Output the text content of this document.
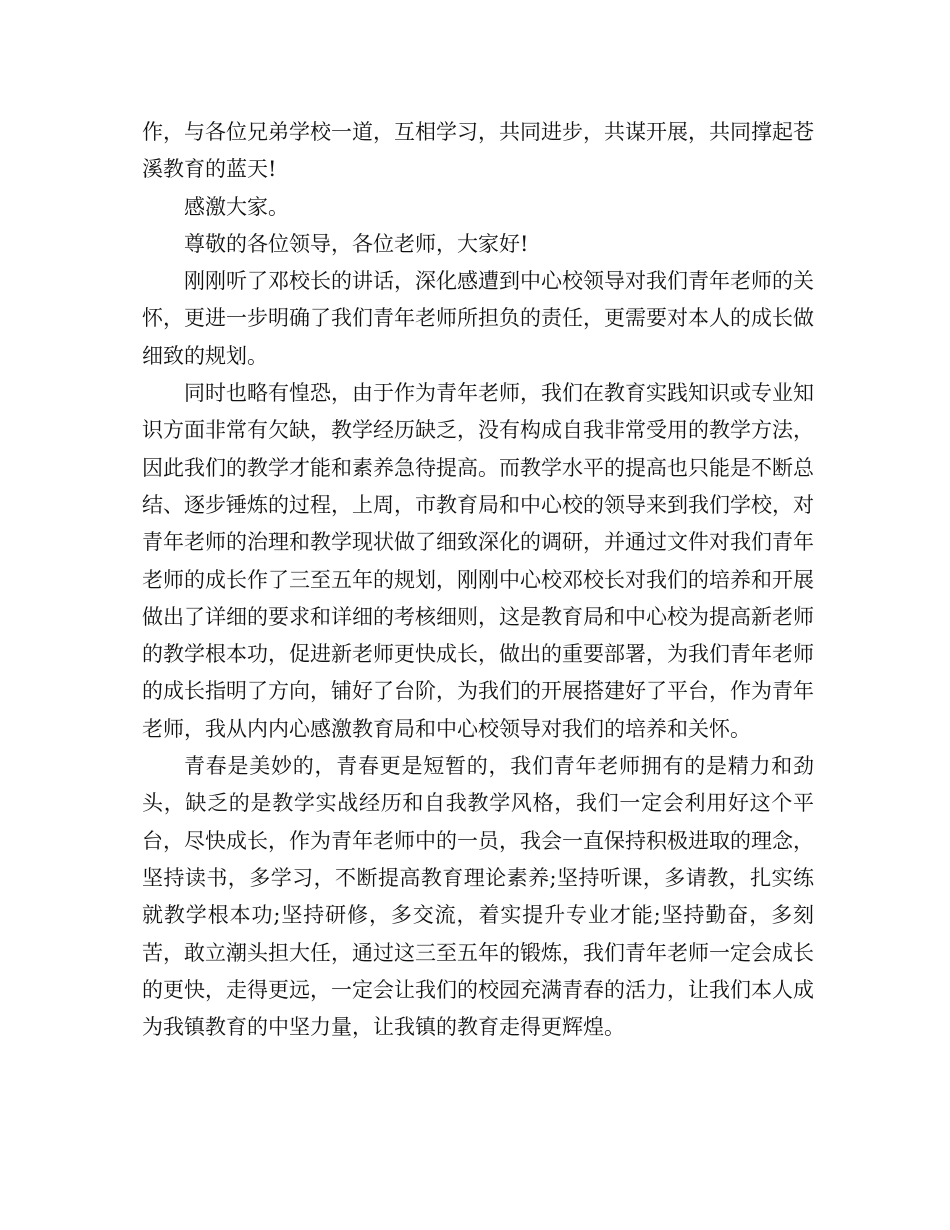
作，与各位兄弟学校一道，互相学习，共同进步，共谋开展，共同撑起苍溪教育的蓝天!

感激大家。

尊敬的各位领导，各位老师，大家好!

刚刚听了邓校长的讲话，深化感遭到中心校领导对我们青年老师的关怀，更进一步明确了我们青年老师所担负的责任，更需要对本人的成长做细致的规划。

同时也略有惶恐，由于作为青年老师，我们在教育实践知识或专业知识方面非常有欠缺，教学经历缺乏，没有构成自我非常受用的教学方法，因此我们的教学才能和素养急待提高。而教学水平的提高也只能是不断总结、逐步锤炼的过程，上周，市教育局和中心校的领导来到我们学校，对青年老师的治理和教学现状做了细致深化的调研，并通过文件对我们青年老师的成长作了三至五年的规划，刚刚中心校邓校长对我们的培养和开展做出了详细的要求和详细的考核细则，这是教育局和中心校为提高新老师的教学根本功，促进新老师更快成长，做出的重要部署，为我们青年老师的成长指明了方向，铺好了台阶，为我们的开展搭建好了平台，作为青年老师，我从内内心感激教育局和中心校领导对我们的培养和关怀。

青春是美妙的，青春更是短暂的，我们青年老师拥有的是精力和劲头，缺乏的是教学实战经历和自我教学风格，我们一定会利用好这个平台，尽快成长，作为青年老师中的一员，我会一直保持积极进取的理念，坚持读书，多学习，不断提高教育理论素养;坚持听课，多请教，扎实练就教学根本功;坚持研修，多交流，着实提升专业才能;坚持勤奋，多刻苦，敢立潮头担大任，通过这三至五年的锻炼，我们青年老师一定会成长的更快，走得更远，一定会让我们的校园充满青春的活力，让我们本人成为我镇教育的中坚力量，让我镇的教育走得更辉煌。
